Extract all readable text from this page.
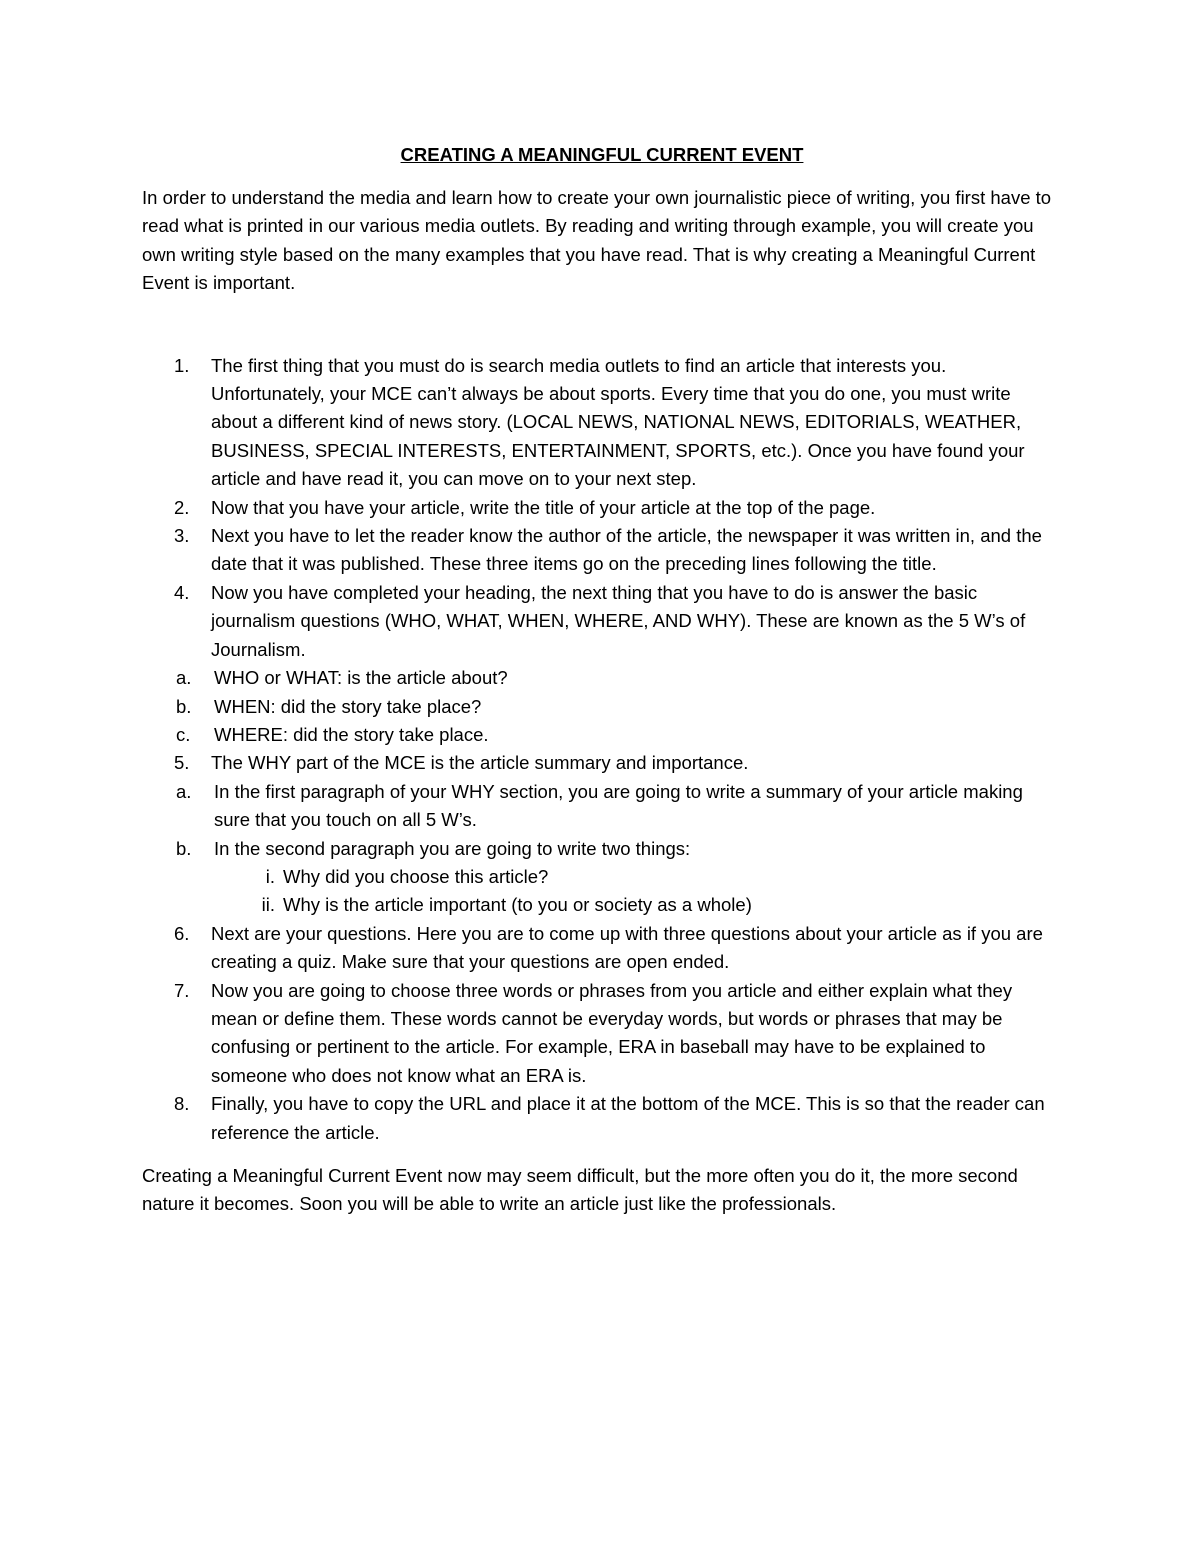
CREATING A MEANINGFUL CURRENT EVENT

In order to understand the media and learn how to create your own journalistic piece of writing, you first have to read what is printed in our various media outlets. By reading and writing through example, you will create you own writing style based on the many examples that you have read. That is why creating a Meaningful Current Event is important.

1. The first thing that you must do is search media outlets to find an article that interests you. Unfortunately, your MCE can’t always be about sports. Every time that you do one, you must write about a different kind of news story. (LOCAL NEWS, NATIONAL NEWS, EDITORIALS, WEATHER, BUSINESS, SPECIAL INTERESTS, ENTERTAINMENT, SPORTS, etc.). Once you have found your article and have read it, you can move on to your next step.
2. Now that you have your article, write the title of your article at the top of the page.
3. Next you have to let the reader know the author of the article, the newspaper it was written in, and the date that it was published. These three items go on the preceding lines following the title.
4. Now you have completed your heading, the next thing that you have to do is answer the basic journalism questions (WHO, WHAT, WHEN, WHERE, AND WHY). These are known as the 5 W’s of Journalism.
a. WHO or WHAT: is the article about?
b. WHEN: did the story take place?
c. WHERE: did the story take place.
5. The WHY part of the MCE is the article summary and importance.
a. In the first paragraph of your WHY section, you are going to write a summary of your article making sure that you touch on all 5 W’s.
b. In the second paragraph you are going to write two things:
i. Why did you choose this article?
ii. Why is the article important (to you or society as a whole)
6. Next are your questions. Here you are to come up with three questions about your article as if you are creating a quiz. Make sure that your questions are open ended.
7. Now you are going to choose three words or phrases from you article and either explain what they mean or define them. These words cannot be everyday words, but words or phrases that may be confusing or pertinent to the article. For example, ERA in baseball may have to be explained to someone who does not know what an ERA is.
8. Finally, you have to copy the URL and place it at the bottom of the MCE. This is so that the reader can reference the article.

Creating a Meaningful Current Event now may seem difficult, but the more often you do it, the more second nature it becomes. Soon you will be able to write an article just like the professionals.
